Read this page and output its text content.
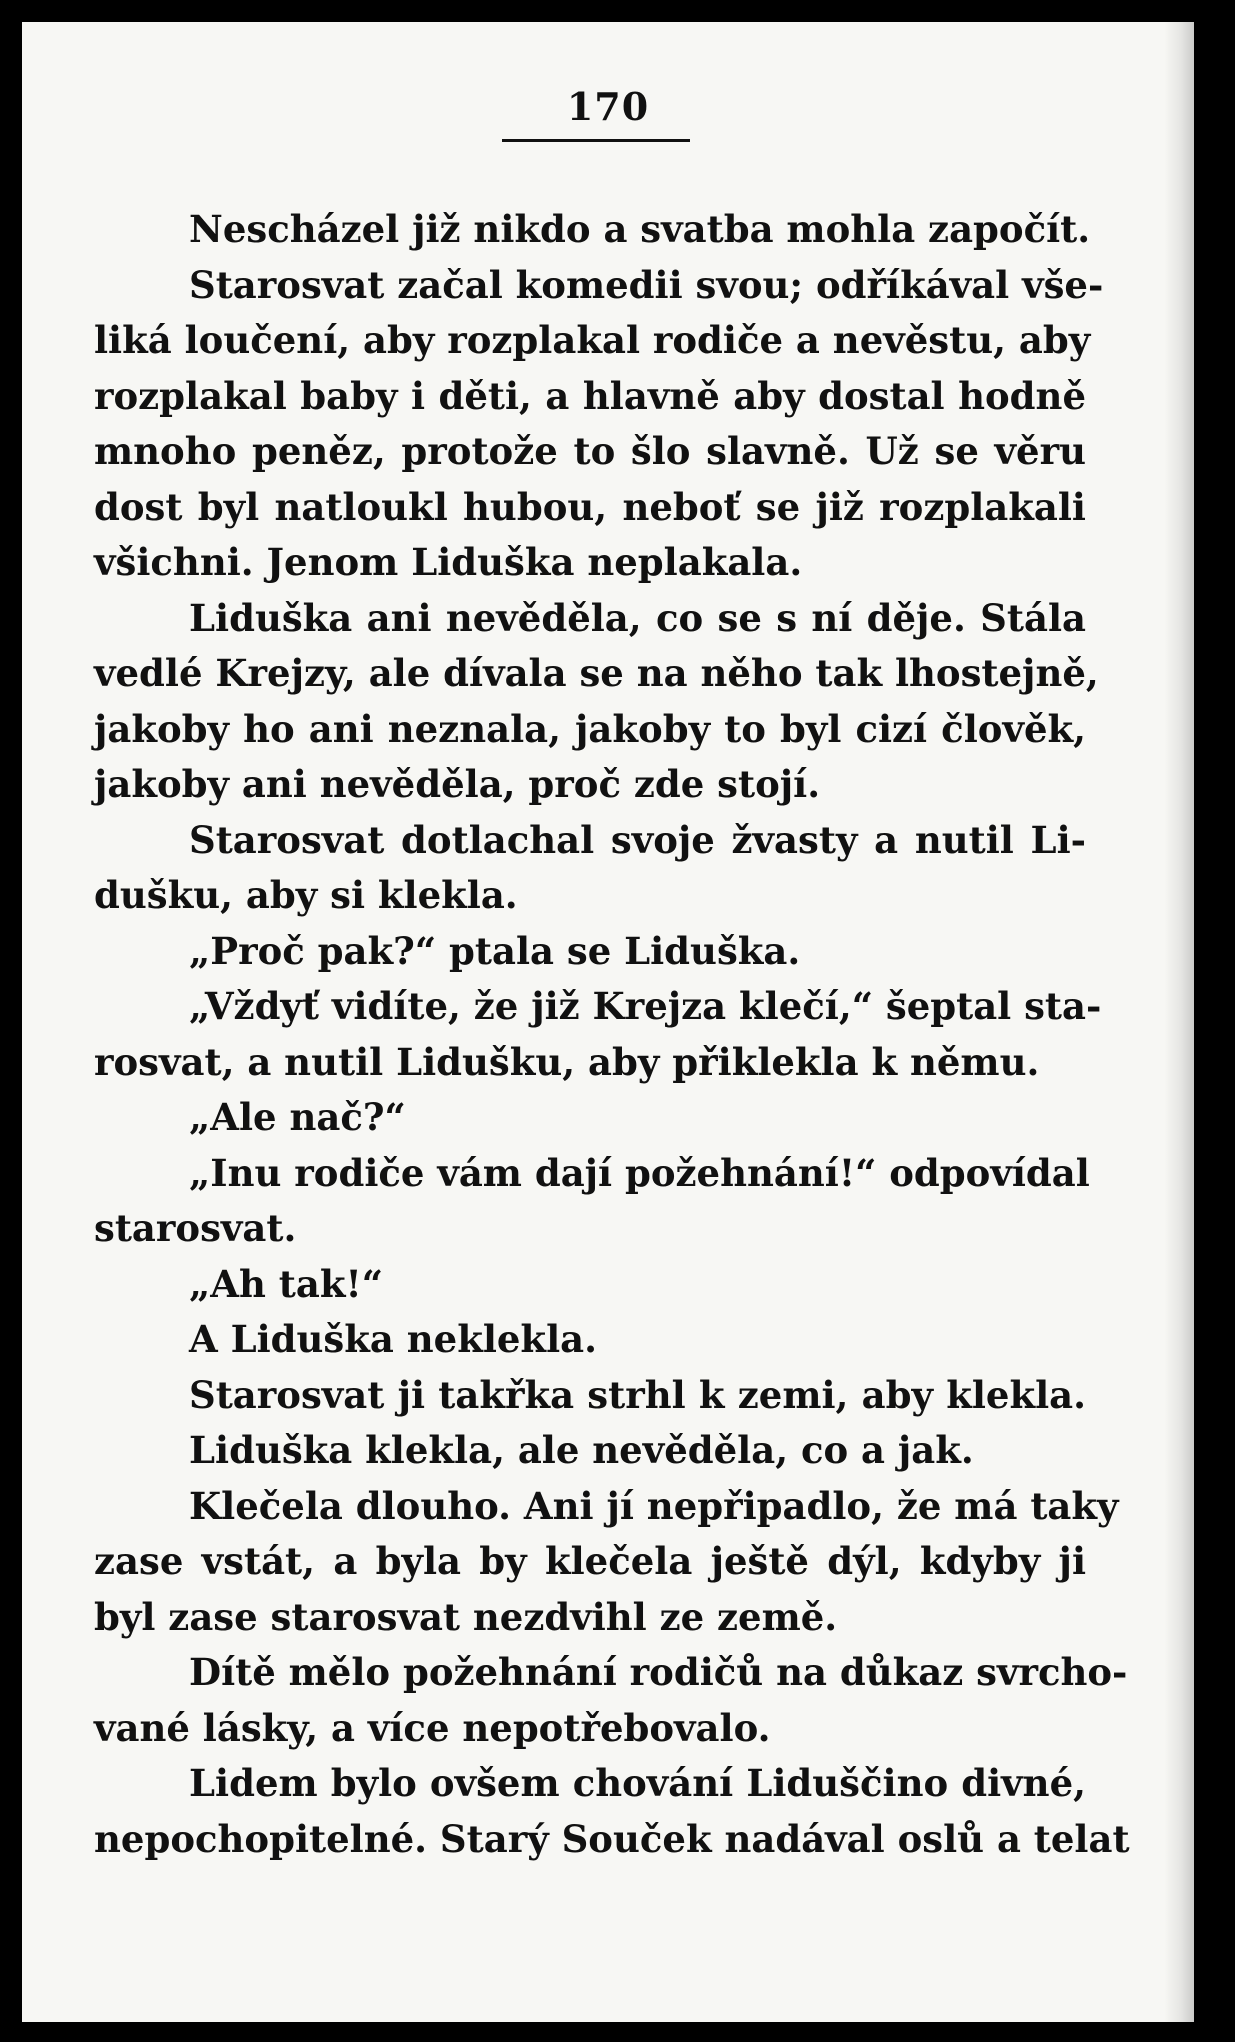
170
Nescházel již nikdo a svatba mohla započít.
Starosvat začal komedii svou; odříkával vše-
liká loučení, aby rozplakal rodiče a nevěstu, aby
rozplakal baby i děti, a hlavně aby dostal hodně
mnoho peněz, protože to šlo slavně. Už se věru
dost byl natloukl hubou, neboť se již rozplakali
všichni. Jenom Liduška neplakala.
Liduška ani nevěděla, co se s ní děje. Stála
vedlé Krejzy, ale dívala se na něho tak lhostejně,
jakoby ho ani neznala, jakoby to byl cizí člověk,
jakoby ani nevěděla, proč zde stojí.
Starosvat dotlachal svoje žvasty a nutil Li-
dušku, aby si klekla.
„Proč pak?“ ptala se Liduška.
„Vždyť vidíte, že již Krejza klečí,“ šeptal sta-
rosvat, a nutil Lidušku, aby přiklekla k němu.
„Ale nač?“
„Inu rodiče vám dají požehnání!“ odpovídal
starosvat.
„Ah tak!“
A Liduška neklekla.
Starosvat ji takřka strhl k zemi, aby klekla.
Liduška klekla, ale nevěděla, co a jak.
Klečela dlouho. Ani jí nepřipadlo, že má taky
zase vstát, a byla by klečela ještě dýl, kdyby ji
byl zase starosvat nezdvihl ze země.
Dítě mělo požehnání rodičů na důkaz svrcho-
vané lásky, a více nepotřebovalo.
Lidem bylo ovšem chování Liduščino divné,
nepochopitelné. Starý Souček nadával oslů a telat
